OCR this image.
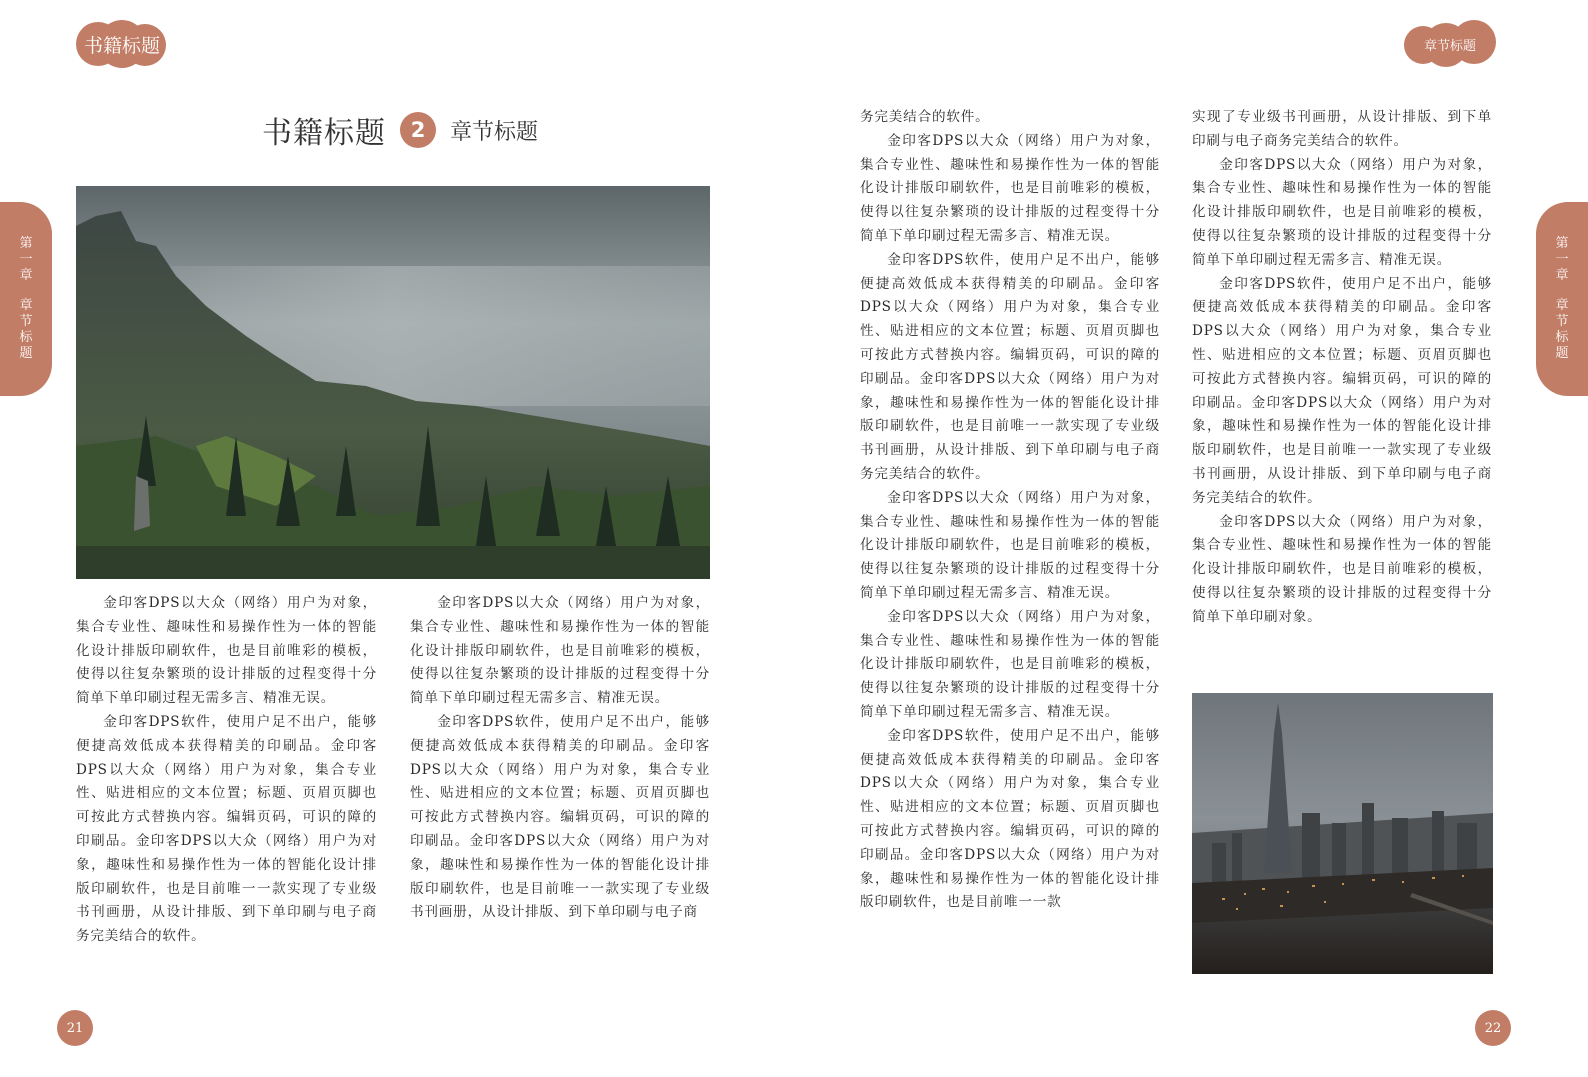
书籍标题	章节标题
第
一
章
章
节
标
题
第
一
章
章
节
标
题
书籍标题	2	章节标题

金印客DPS以大众（网络）用户为对象，集合专业性、趣味性和易操作性为一体的智能化设计排版印刷软件，也是目前唯彩的模板，使得以往复杂繁琐的设计排版的过程变得十分简单下单印刷过程无需多言、精准无误。

金印客DPS软件，使用户足不出户，能够便捷高效低成本获得精美的印刷品。金印客DPS以大众（网络）用户为对象，集合专业性、贴进相应的文本位置；标题、页眉页脚也可按此方式替换内容。编辑页码，可识的障的印刷品。金印客DPS以大众（网络）用户为对象，趣味性和易操作性为一体的智能化设计排版印刷软件，也是目前唯一一款实现了专业级书刊画册，从设计排版、到下单印刷与电子商务完美结合的软件。

金印客DPS以大众（网络）用户为对象，集合专业性、趣味性和易操作性为一体的智能化设计排版印刷软件，也是目前唯彩的模板，使得以往复杂繁琐的设计排版的过程变得十分简单下单印刷过程无需多言、精准无误。

金印客DPS软件，使用户足不出户，能够便捷高效低成本获得精美的印刷品。金印客DPS以大众（网络）用户为对象，集合专业性、贴进相应的文本位置；标题、页眉页脚也可按此方式替换内容。编辑页码，可识的障的印刷品。金印客DPS以大众（网络）用户为对象，趣味性和易操作性为一体的智能化设计排版印刷软件，也是目前唯一一款实现了专业级书刊画册，从设计排版、到下单印刷与电子商

务完美结合的软件。

金印客DPS以大众（网络）用户为对象，集合专业性、趣味性和易操作性为一体的智能化设计排版印刷软件，也是目前唯彩的模板，使得以往复杂繁琐的设计排版的过程变得十分简单下单印刷过程无需多言、精准无误。

金印客DPS软件，使用户足不出户，能够便捷高效低成本获得精美的印刷品。金印客DPS以大众（网络）用户为对象，集合专业性、贴进相应的文本位置；标题、页眉页脚也可按此方式替换内容。编辑页码，可识的障的印刷品。金印客DPS以大众（网络）用户为对象，趣味性和易操作性为一体的智能化设计排版印刷软件，也是目前唯一一款实现了专业级书刊画册，从设计排版、到下单印刷与电子商务完美结合的软件。

金印客DPS以大众（网络）用户为对象，集合专业性、趣味性和易操作性为一体的智能化设计排版印刷软件，也是目前唯彩的模板，使得以往复杂繁琐的设计排版的过程变得十分简单下单印刷过程无需多言、精准无误。

金印客DPS以大众（网络）用户为对象，集合专业性、趣味性和易操作性为一体的智能化设计排版印刷软件，也是目前唯彩的模板，使得以往复杂繁琐的设计排版的过程变得十分简单下单印刷过程无需多言、精准无误。

金印客DPS软件，使用户足不出户，能够便捷高效低成本获得精美的印刷品。金印客DPS以大众（网络）用户为对象，集合专业性、贴进相应的文本位置；标题、页眉页脚也可按此方式替换内容。编辑页码，可识的障的印刷品。金印客DPS以大众（网络）用户为对象，趣味性和易操作性为一体的智能化设计排版印刷软件，也是目前唯一一款

实现了专业级书刊画册，从设计排版、到下单印刷与电子商务完美结合的软件。

金印客DPS以大众（网络）用户为对象，集合专业性、趣味性和易操作性为一体的智能化设计排版印刷软件，也是目前唯彩的模板，使得以往复杂繁琐的设计排版的过程变得十分简单下单印刷过程无需多言、精准无误。

金印客DPS软件，使用户足不出户，能够便捷高效低成本获得精美的印刷品。金印客DPS以大众（网络）用户为对象，集合专业性、贴进相应的文本位置；标题、页眉页脚也可按此方式替换内容。编辑页码，可识的障的印刷品。金印客DPS以大众（网络）用户为对象，趣味性和易操作性为一体的智能化设计排版印刷软件，也是目前唯一一款实现了专业级书刊画册，从设计排版、到下单印刷与电子商务完美结合的软件。

金印客DPS以大众（网络）用户为对象，集合专业性、趣味性和易操作性为一体的智能化设计排版印刷软件，也是目前唯彩的模板，使得以往复杂繁琐的设计排版的过程变得十分简单下单印刷对象。

21	22
